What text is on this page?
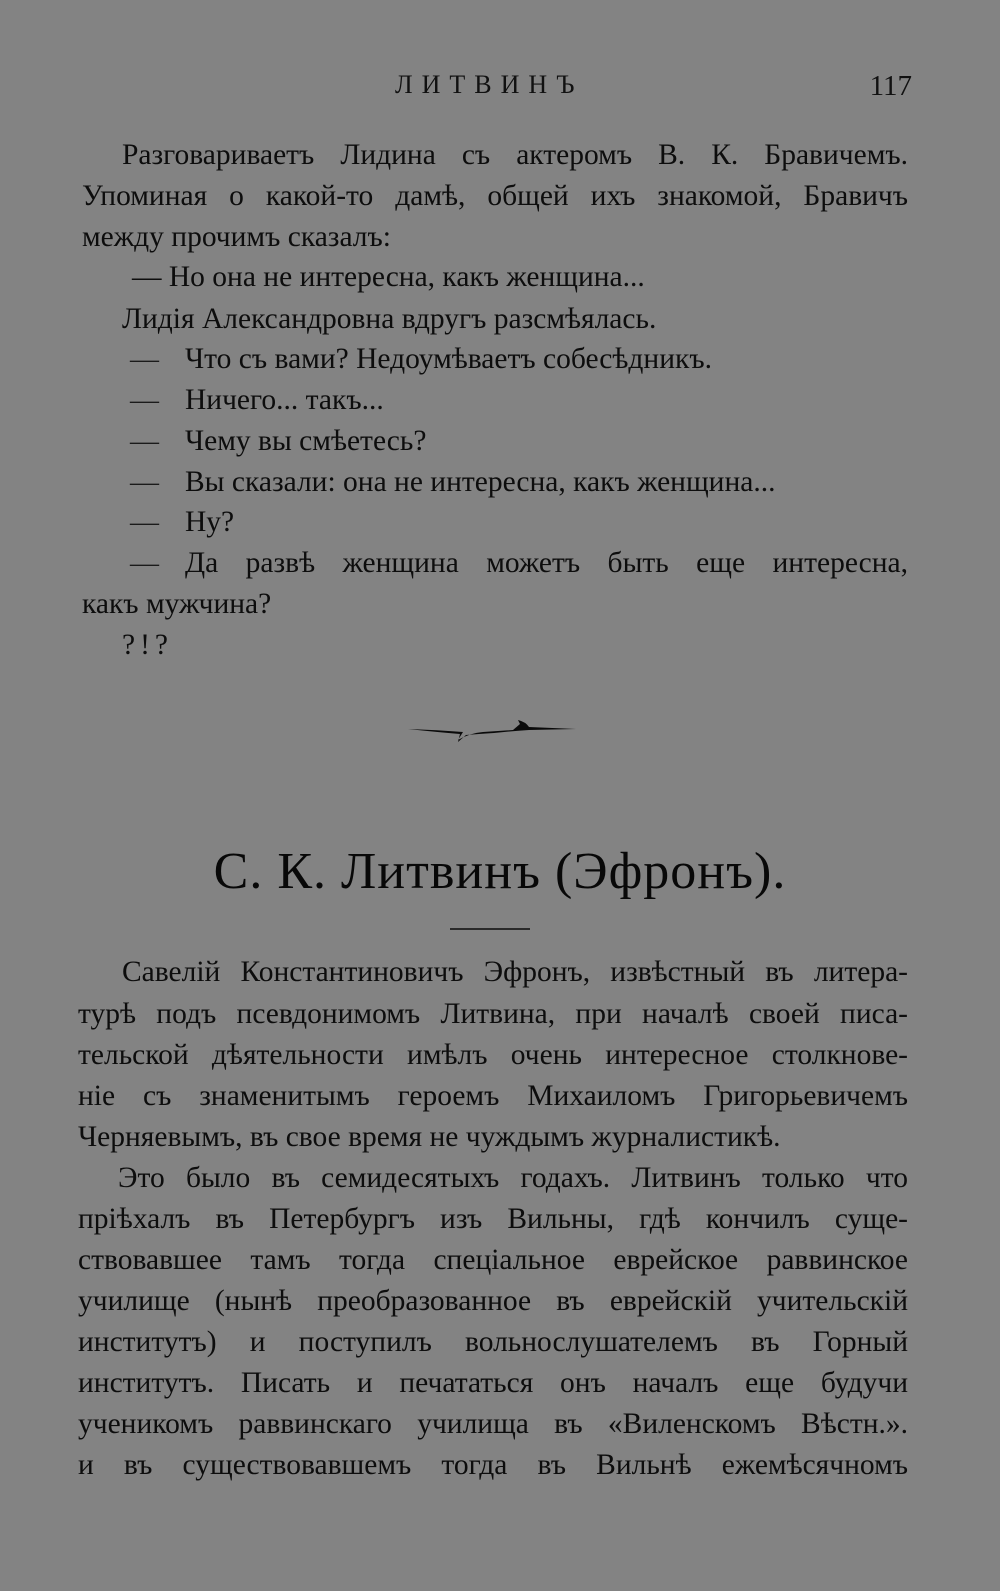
ЛИТВИНЪ	117
Разговариваетъ Лидина съ актеромъ В. К. Бравичемъ.
Упоминая о какой-то дамѣ, общей ихъ знакомой, Бравичъ
между прочимъ сказалъ:
— Но она не интересна, какъ женщина...
Лидія Александровна вдругъ разсмѣялась.
— Что съ вами? Недоумѣваетъ собесѣдникъ.
— Ничего... такъ...
— Чему вы смѣетесь?
— Вы сказали: она не интересна, какъ женщина...
— Ну?
— Да развѣ женщина можетъ быть еще интересна,
какъ мужчина?
?!?
С. К. Литвинъ (Эфронъ).
Савелій Константиновичъ Эфронъ, извѣстный въ литера-
турѣ подъ псевдонимомъ Литвина, при началѣ своей писа-
тельской дѣятельности имѣлъ очень интересное столкнове-
ніе съ знаменитымъ героемъ Михаиломъ Григорьевичемъ
Черняевымъ, въ свое время не чуждымъ журналистикѣ.
Это было въ семидесятыхъ годахъ. Литвинъ только что
пріѣхалъ въ Петербургъ изъ Вильны, гдѣ кончилъ суще-
ствовавшее тамъ тогда спеціальное еврейское раввинское
училище (нынѣ преобразованное въ еврейскій учительскій
институтъ) и поступилъ вольнослушателемъ въ Горный
институтъ. Писать и печататься онъ началъ еще будучи
ученикомъ раввинскаго училища въ «Виленскомъ Вѣстн.».
и въ существовавшемъ тогда въ Вильнѣ ежемѣсячномъ
